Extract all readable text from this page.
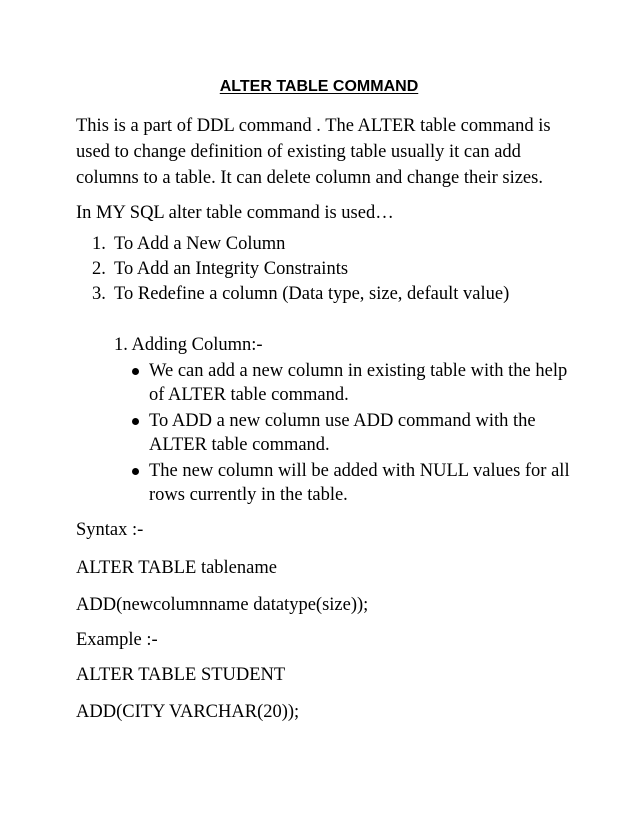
ALTER TABLE COMMAND
This is a part of DDL command . The ALTER table command is used to change definition of existing table usually it can add columns to a table. It can delete column and change their sizes.
In MY SQL alter table command is used…
1. To Add a New Column
2. To Add an Integrity Constraints
3. To Redefine a column (Data type, size, default value)
1. Adding Column:-
We can add a new column in existing table with the help of ALTER table command.
To ADD a new column use ADD command with the ALTER table command.
The new column will be added with NULL values for all rows currently in the table.
Syntax :-
ALTER TABLE tablename
ADD(newcolumnname datatype(size));
Example :-
ALTER TABLE STUDENT
ADD(CITY VARCHAR(20));
